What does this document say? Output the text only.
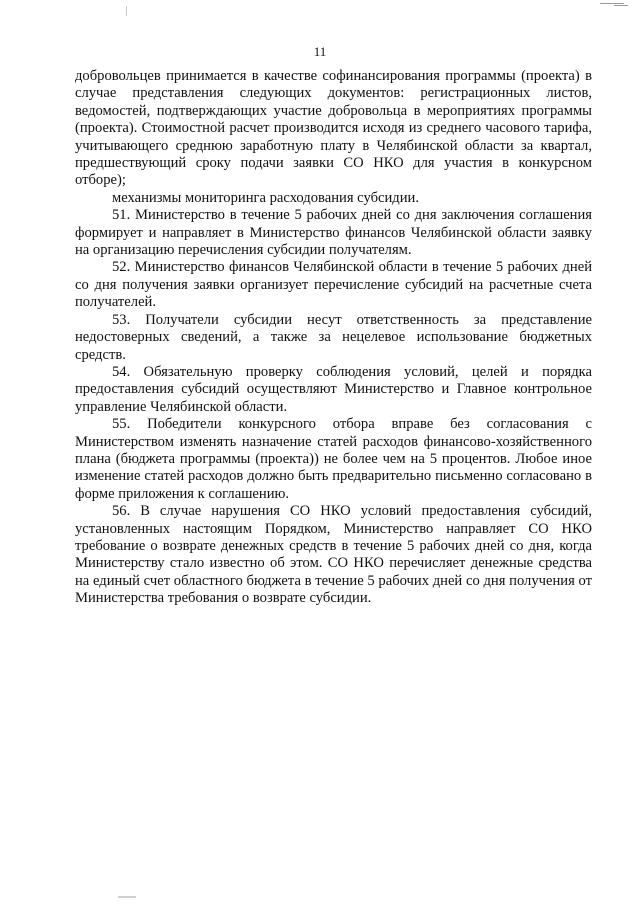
11

добровольцев принимается в качестве софинансирования программы (проекта) в случае представления следующих документов: регистрационных листов, ведомостей, подтверждающих участие добровольца в мероприятиях программы (проекта). Стоимостной расчет производится исходя из среднего часового тарифа, учитывающего среднюю заработную плату в Челябинской области за квартал, предшествующий сроку подачи заявки СО НКО для участия в конкурсном отборе);

механизмы мониторинга расходования субсидии.

51. Министерство в течение 5 рабочих дней со дня заключения соглашения формирует и направляет в Министерство финансов Челябинской области заявку на организацию перечисления субсидии получателям.

52. Министерство финансов Челябинской области в течение 5 рабочих дней со дня получения заявки организует перечисление субсидий на расчетные счета получателей.

53. Получатели субсидии несут ответственность за представление недостоверных сведений, а также за нецелевое использование бюджетных средств.

54. Обязательную проверку соблюдения условий, целей и порядка предоставления субсидий осуществляют Министерство и Главное контрольное управление Челябинской области.

55. Победители конкурсного отбора вправе без согласования с Министерством изменять назначение статей расходов финансово-хозяйственного плана (бюджета программы (проекта)) не более чем на 5 процентов. Любое иное изменение статей расходов должно быть предварительно письменно согласовано в форме приложения к соглашению.

56. В случае нарушения СО НКО условий предоставления субсидий, установленных настоящим Порядком, Министерство направляет СО НКО требование о возврате денежных средств в течение 5 рабочих дней со дня, когда Министерству стало известно об этом. СО НКО перечисляет денежные средства на единый счет областного бюджета в течение 5 рабочих дней со дня получения от Министерства требования о возврате субсидии.
